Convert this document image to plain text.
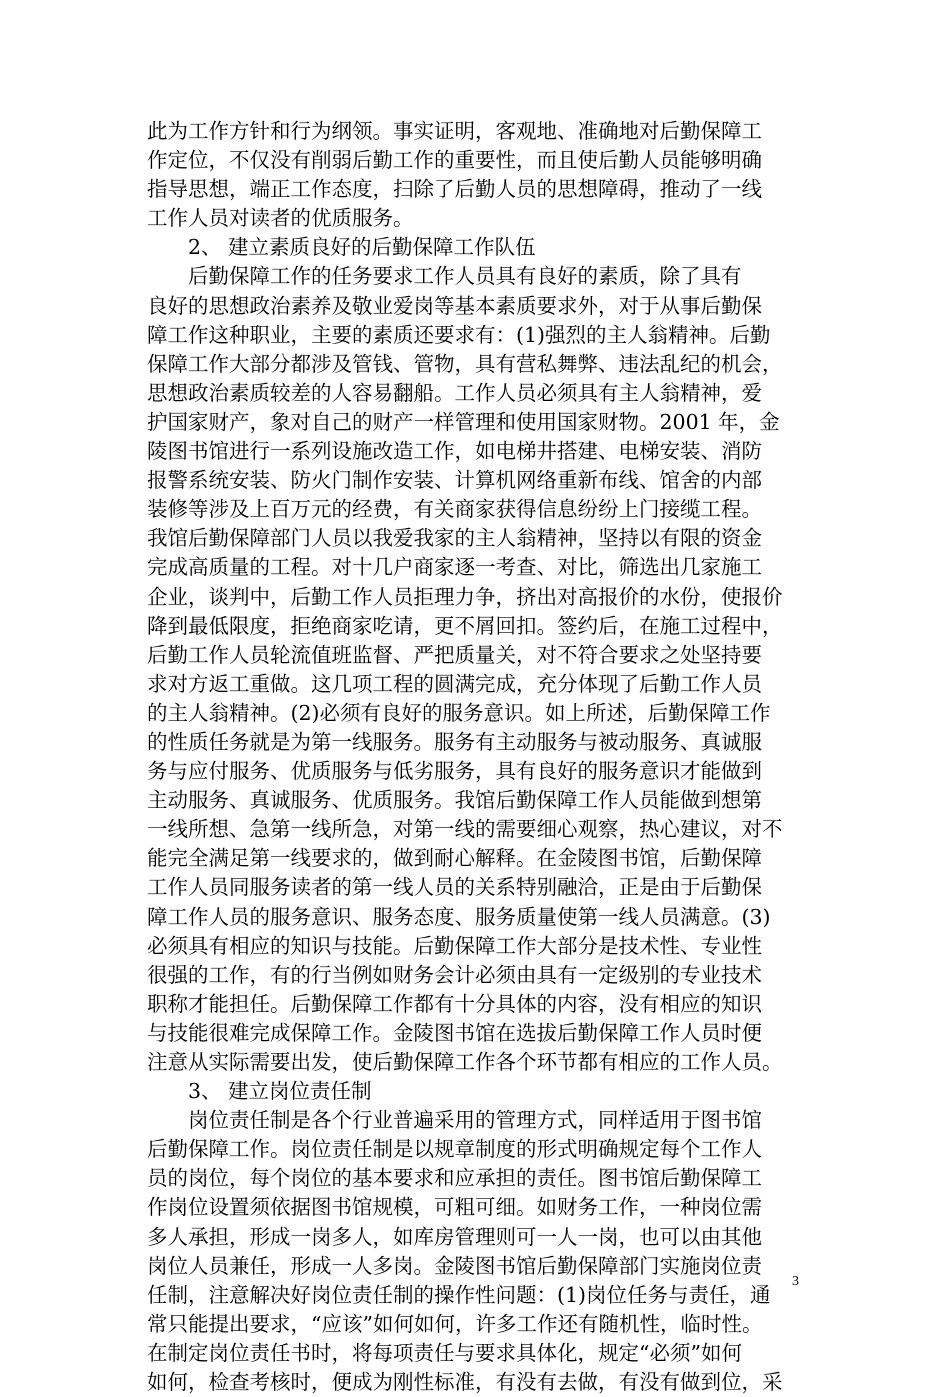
此为工作方针和行为纲领。事实证明，客观地、准确地对后勤保障工
作定位，不仅没有削弱后勤工作的重要性，而且使后勤人员能够明确
指导思想，端正工作态度，扫除了后勤人员的思想障碍，推动了一线
工作人员对读者的优质服务。
2、 建立素质良好的后勤保障工作队伍
后勤保障工作的任务要求工作人员具有良好的素质，除了具有
良好的思想政治素养及敬业爱岗等基本素质要求外，对于从事后勤保
障工作这种职业，主要的素质还要求有：(1)强烈的主人翁精神。后勤
保障工作大部分都涉及管钱、管物，具有营私舞弊、违法乱纪的机会，
思想政治素质较差的人容易翻船。工作人员必须具有主人翁精神，爱
护国家财产，象对自己的财产一样管理和使用国家财物。2001 年，金
陵图书馆进行一系列设施改造工作，如电梯井搭建、电梯安装、消防
报警系统安装、防火门制作安装、计算机网络重新布线、馆舍的内部
装修等涉及上百万元的经费，有关商家获得信息纷纷上门接缆工程。
我馆后勤保障部门人员以我爱我家的主人翁精神，坚持以有限的资金
完成高质量的工程。对十几户商家逐一考查、对比，筛选出几家施工
企业，谈判中，后勤工作人员拒理力争，挤出对高报价的水份，使报价
降到最低限度，拒绝商家吃请，更不屑回扣。签约后，在施工过程中，
后勤工作人员轮流值班监督、严把质量关，对不符合要求之处坚持要
求对方返工重做。这几项工程的圆满完成，充分体现了后勤工作人员
的主人翁精神。(2)必须有良好的服务意识。如上所述，后勤保障工作
的性质任务就是为第一线服务。服务有主动服务与被动服务、真诚服
务与应付服务、优质服务与低劣服务，具有良好的服务意识才能做到
主动服务、真诚服务、优质服务。我馆后勤保障工作人员能做到想第
一线所想、急第一线所急，对第一线的需要细心观察，热心建议，对不
能完全满足第一线要求的，做到耐心解释。在金陵图书馆，后勤保障
工作人员同服务读者的第一线人员的关系特别融洽，正是由于后勤保
障工作人员的服务意识、服务态度、服务质量使第一线人员满意。(3)
必须具有相应的知识与技能。后勤保障工作大部分是技术性、专业性
很强的工作，有的行当例如财务会计必须由具有一定级别的专业技术
职称才能担任。后勤保障工作都有十分具体的内容，没有相应的知识
与技能很难完成保障工作。金陵图书馆在选拔后勤保障工作人员时便
注意从实际需要出发，使后勤保障工作各个环节都有相应的工作人员。
3、 建立岗位责任制
岗位责任制是各个行业普遍采用的管理方式，同样适用于图书馆
后勤保障工作。岗位责任制是以规章制度的形式明确规定每个工作人
员的岗位，每个岗位的基本要求和应承担的责任。图书馆后勤保障工
作岗位设置须依据图书馆规模，可粗可细。如财务工作，一种岗位需
多人承担，形成一岗多人，如库房管理则可一人一岗，也可以由其他
岗位人员兼任，形成一人多岗。金陵图书馆后勤保障部门实施岗位责
任制，注意解决好岗位责任制的操作性问题：(1)岗位任务与责任，通
常只能提出要求，“应该”如何如何，许多工作还有随机性，临时性。
在制定岗位责任书时，将每项责任与要求具体化，规定“必须”如何
如何，检查考核时，便成为刚性标准，有没有去做，有没有做到位，采
3
